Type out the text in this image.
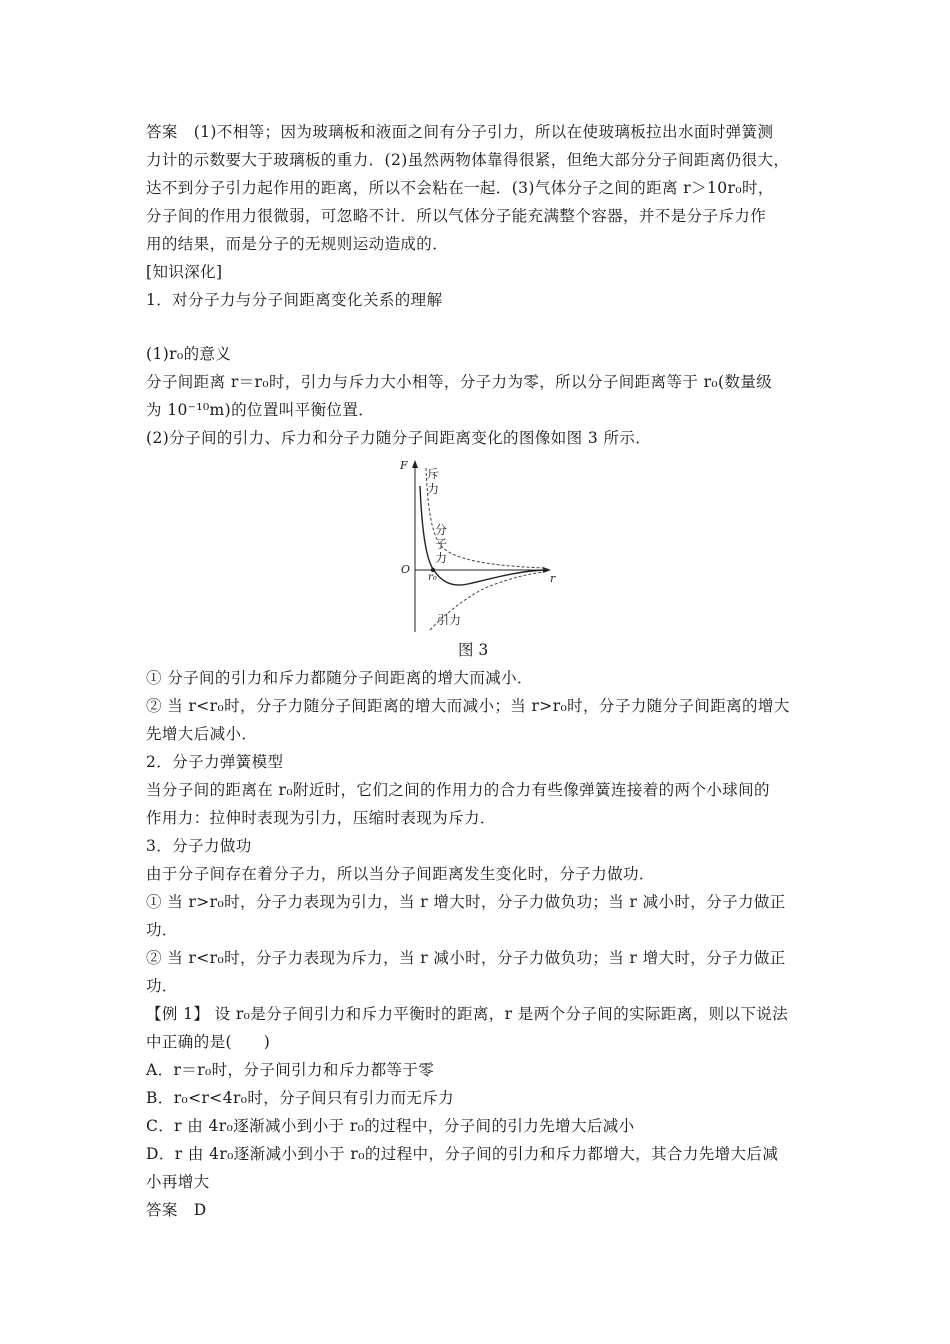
答案　(1)不相等；因为玻璃板和液面之间有分子引力，所以在使玻璃板拉出水面时弹簧测
力计的示数要大于玻璃板的重力．(2)虽然两物体靠得很紧，但绝大部分分子间距离仍很大，
达不到分子引力起作用的距离，所以不会粘在一起．(3)气体分子之间的距离 r＞10r₀时，
分子间的作用力很微弱，可忽略不计．所以气体分子能充满整个容器，并不是分子斥力作
用的结果，而是分子的无规则运动造成的．
[知识深化]
1．对分子力与分子间距离变化关系的理解
(1)r₀的意义
分子间距离 r＝r₀时，引力与斥力大小相等，分子力为零，所以分子间距离等于 r₀(数量级
为 10⁻¹⁰m)的位置叫平衡位置．
(2)分子间的引力、斥力和分子力随分子间距离变化的图像如图 3 所示．
F
r
O
r₀
斥
力
分
子
力
引力
图 3
① 分子间的引力和斥力都随分子间距离的增大而减小．
② 当 r<r₀时，分子力随分子间距离的增大而减小；当 r>r₀时，分子力随分子间距离的增大
先增大后减小．
2．分子力弹簧模型
当分子间的距离在 r₀附近时，它们之间的作用力的合力有些像弹簧连接着的两个小球间的
作用力：拉伸时表现为引力，压缩时表现为斥力．
3．分子力做功
由于分子间存在着分子力，所以当分子间距离发生变化时，分子力做功．
① 当 r>r₀时，分子力表现为引力，当 r 增大时，分子力做负功；当 r 减小时，分子力做正
功．
② 当 r<r₀时，分子力表现为斥力，当 r 减小时，分子力做负功；当 r 增大时，分子力做正
功．
【例 1】 设 r₀是分子间引力和斥力平衡时的距离，r 是两个分子间的实际距离，则以下说法
中正确的是(　　)
A．r＝r₀时，分子间引力和斥力都等于零
B．r₀<r<4r₀时，分子间只有引力而无斥力
C．r 由 4r₀逐渐减小到小于 r₀的过程中，分子间的引力先增大后减小
D．r 由 4r₀逐渐减小到小于 r₀的过程中，分子间的引力和斥力都增大，其合力先增大后减
小再增大
答案　D
